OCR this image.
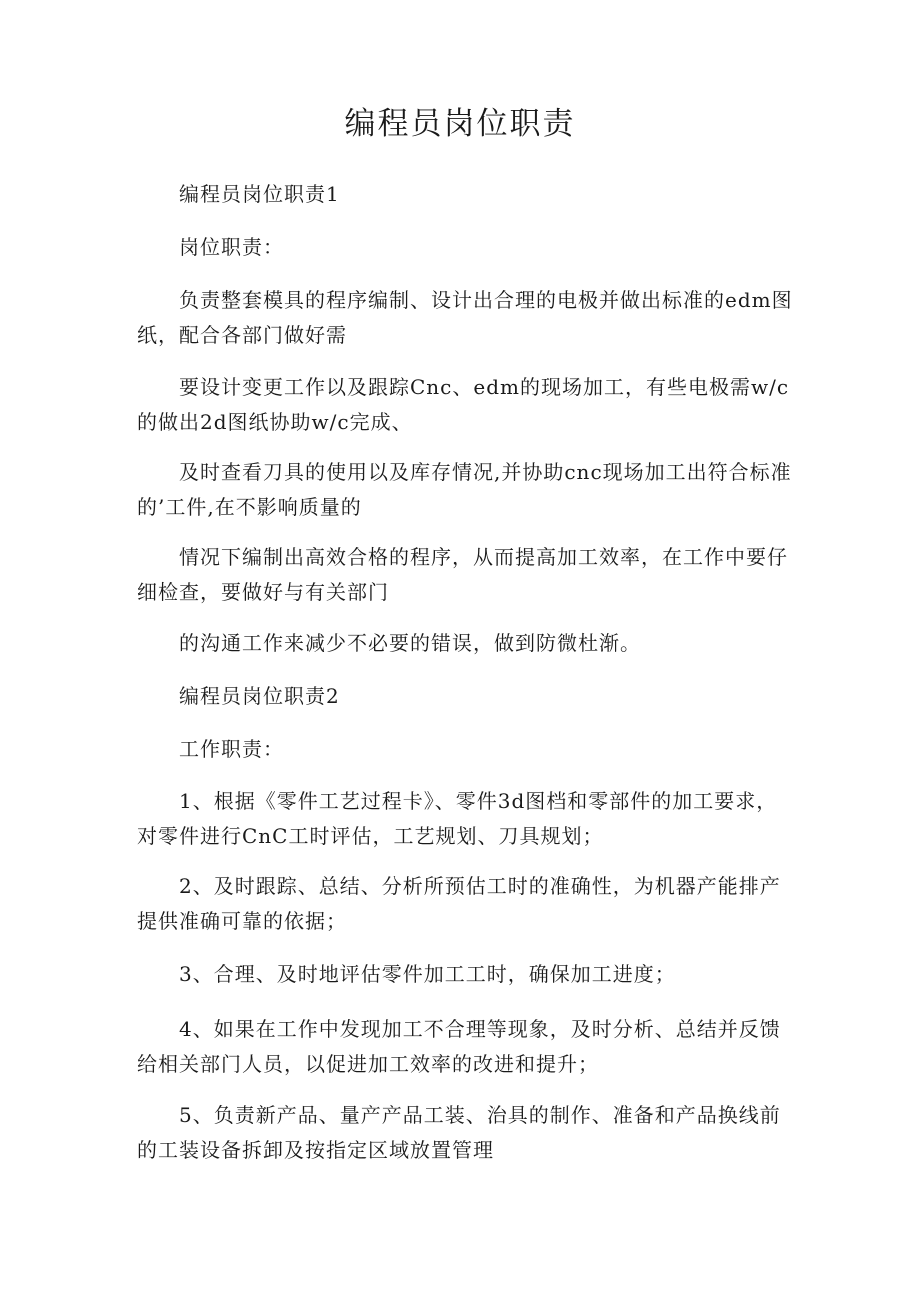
编程员岗位职责

编程员岗位职责1

岗位职责：

负责整套模具的程序编制、设计出合理的电极并做出标准的edm图纸，配合各部门做好需

要设计变更工作以及跟踪Cnc、edm的现场加工，有些电极需w/c的做出2d图纸协助w/c完成、

及时查看刀具的使用以及库存情况,并协助cnc现场加工出符合标准的’工件,在不影响质量的

情况下编制出高效合格的程序，从而提高加工效率，在工作中要仔细检查，要做好与有关部门

的沟通工作来减少不必要的错误，做到防微杜渐。

编程员岗位职责2

工作职责：

1、根据《零件工艺过程卡》、零件3d图档和零部件的加工要求，对零件进行CnC工时评估，工艺规划、刀具规划；

2、及时跟踪、总结、分析所预估工时的准确性，为机器产能排产提供准确可靠的依据；

3、合理、及时地评估零件加工工时，确保加工进度；

4、如果在工作中发现加工不合理等现象，及时分析、总结并反馈给相关部门人员，以促进加工效率的改进和提升；

5、负责新产品、量产产品工装、治具的制作、准备和产品换线前的工装设备拆卸及按指定区域放置管理
